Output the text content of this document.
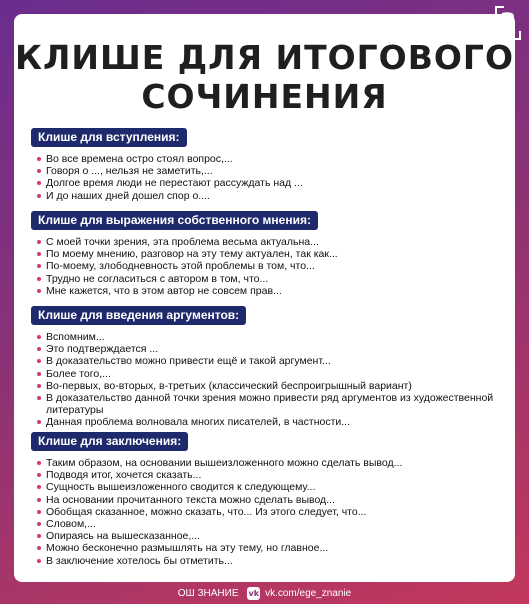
КЛИШЕ ДЛЯ ИТОГОВОГО
СОЧИНЕНИЯ
Клише для вступления:
Во все времена остро стоял вопрос,...
Говоря о ..., нельзя не заметить,...
Долгое время люди не перестают рассуждать над ...
И до наших дней дошел спор о....
Клише для выражения собственного мнения:
С моей точки зрения, эта проблема весьма актуальна...
По моему мнению, разговор на эту тему актуален, так как...
По-моему, злободневность этой проблемы в том, что...
Трудно не согласиться с автором в том, что...
Мне кажется, что в этом автор не совсем прав...
Клише для введения аргументов:
Вспомним...
Это подтверждается ...
В доказательство можно привести ещё и такой аргумент...
Более того,...
Во-первых, во-вторых, в-третьих (классический беспроигрышный вариант)
В доказательство данной точки зрения можно привести ряд аргументов из художественной литературы
Данная проблема волновала многих писателей, в частности...
Клише для заключения:
Таким образом, на основании вышеизложенного можно сделать вывод...
Подводя итог, хочется сказать...
Сущность вышеизложенного сводится к следующему...
На основании прочитанного текста можно сделать вывод...
Обобщая сказанное, можно сказать, что... Из этого следует, что...
Словом,...
Опираясь на вышесказанное,...
Можно бесконечно размышлять на эту тему, но главное...
В заключение хотелось бы отметить...
ОШ ЗНАНИЕ vk vk.com/ege_znanie
